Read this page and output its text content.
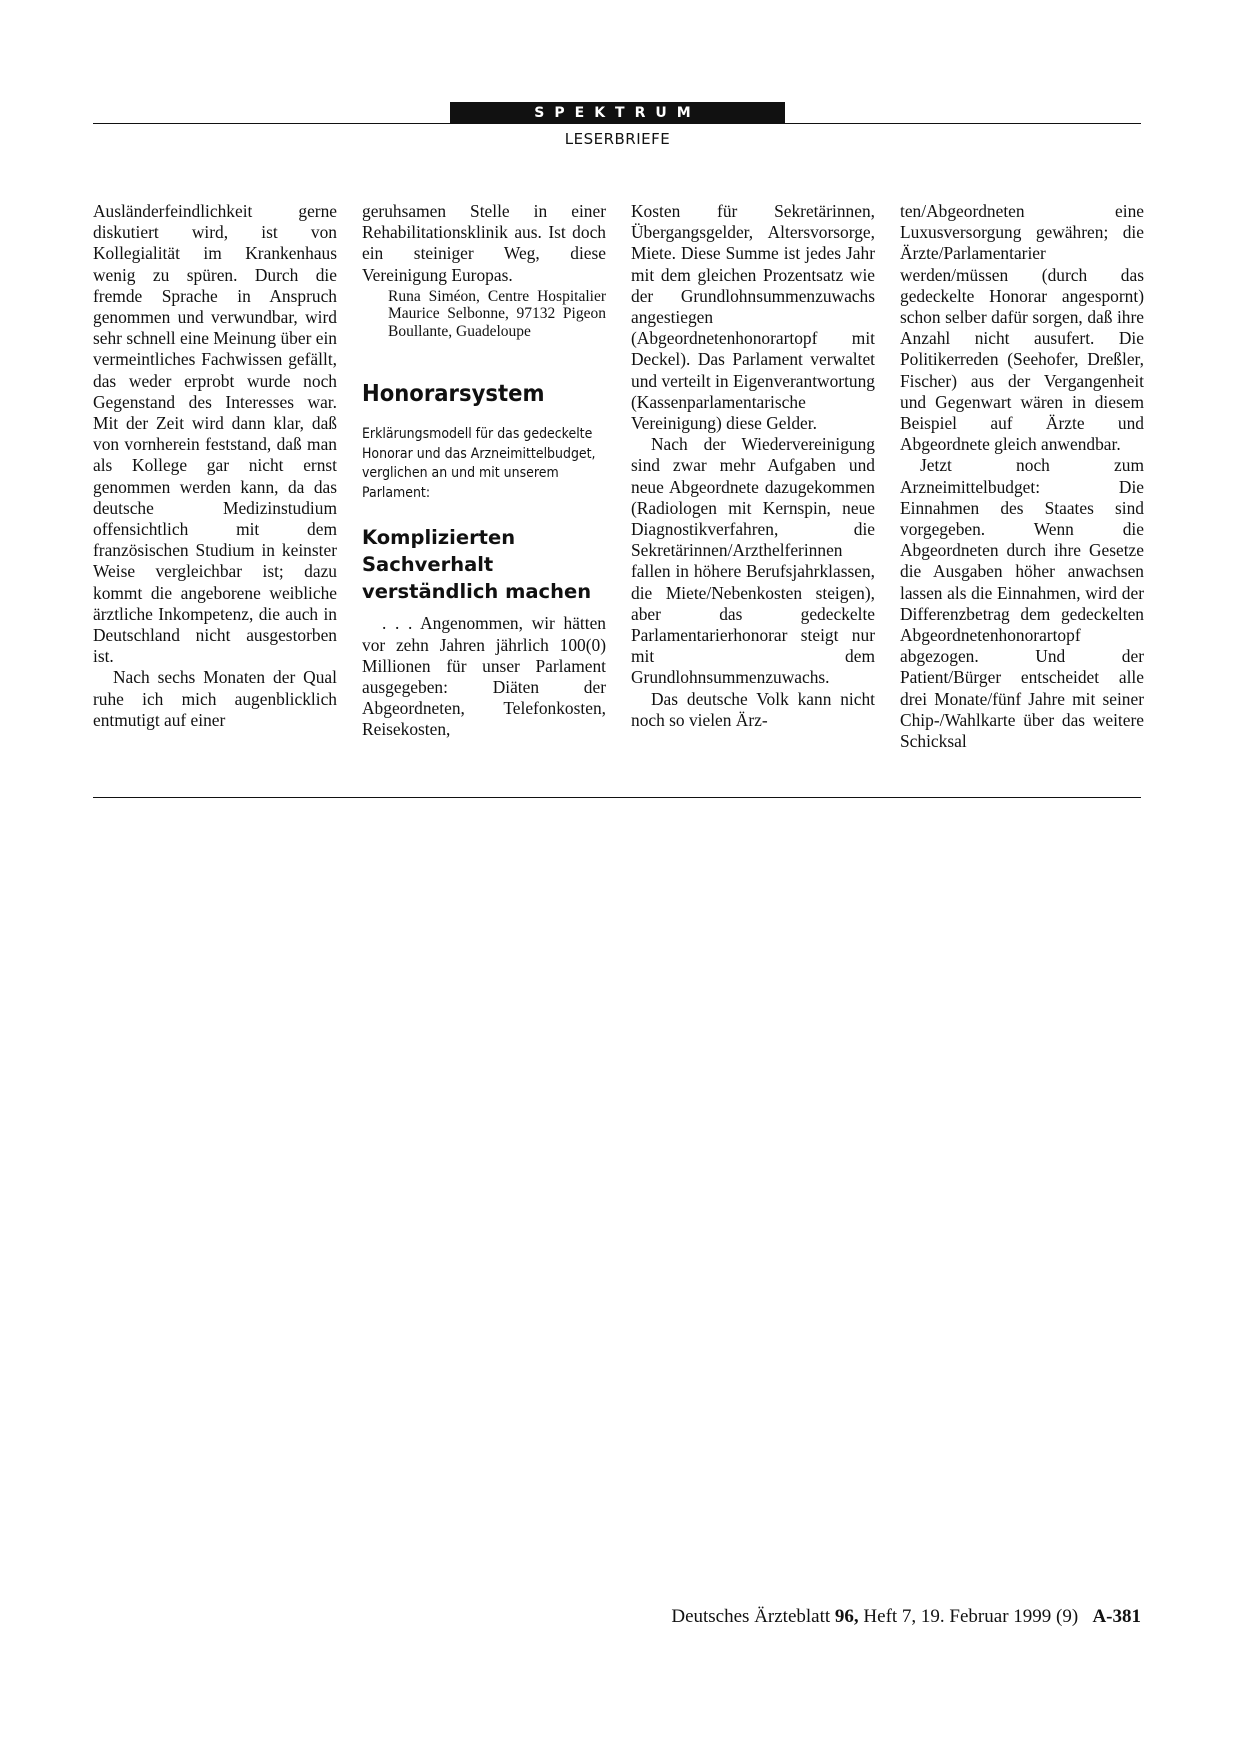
SPEKTRUM
LESERBRIEFE

Ausländerfeindlichkeit gerne diskutiert wird, ist von Kollegialität im Krankenhaus wenig zu spüren. Durch die fremde Sprache in Anspruch genommen und verwundbar, wird sehr schnell eine Meinung über ein vermeintliches Fachwissen gefällt, das weder erprobt wurde noch Gegenstand des Interesses war. Mit der Zeit wird dann klar, daß von vornherein feststand, daß man als Kollege gar nicht ernst genommen werden kann, da das deutsche Medizinstudium offensichtlich mit dem französischen Studium in keinster Weise vergleichbar ist; dazu kommt die angeborene weibliche ärztliche Inkompetenz, die auch in Deutschland nicht ausgestorben ist.

Nach sechs Monaten der Qual ruhe ich mich augenblicklich entmutigt auf einer

geruhsamen Stelle in einer Rehabilitationsklinik aus. Ist doch ein steiniger Weg, diese Vereinigung Europas.

Runa Siméon, Centre Hospitalier Maurice Selbonne, 97132 Pigeon Boullante, Guadeloupe

Honorarsystem

Erklärungsmodell für das gedeckelte Honorar und das Arzneimittelbudget, verglichen an und mit unserem Parlament:

Komplizierten Sachverhalt verständlich machen

. . . Angenommen, wir hätten vor zehn Jahren jährlich 100(0) Millionen für unser Parlament ausgegeben: Diäten der Abgeordneten, Telefonkosten, Reisekosten,

Kosten für Sekretärinnen, Übergangsgelder, Altersvorsorge, Miete. Diese Summe ist jedes Jahr mit dem gleichen Prozentsatz wie der Grundlohnsummenzuwachs angestiegen (Abgeordnetenhonorartopf mit Deckel). Das Parlament verwaltet und verteilt in Eigenverantwortung (Kassenparlamentarische Vereinigung) diese Gelder.

Nach der Wiedervereinigung sind zwar mehr Aufgaben und neue Abgeordnete dazugekommen (Radiologen mit Kernspin, neue Diagnostikverfahren, die Sekretärinnen/Arzthelferinnen fallen in höhere Berufsjahrklassen, die Miete/Nebenkosten steigen), aber das gedeckelte Parlamentarierhonorar steigt nur mit dem Grundlohnsummenzuwachs.

Das deutsche Volk kann nicht noch so vielen Ärz-

ten/Abgeordneten eine Luxusversorgung gewähren; die Ärzte/Parlamentarier werden/müssen (durch das gedeckelte Honorar angespornt) schon selber dafür sorgen, daß ihre Anzahl nicht ausufert. Die Politikerreden (Seehofer, Dreßler, Fischer) aus der Vergangenheit und Gegenwart wären in diesem Beispiel auf Ärzte und Abgeordnete gleich anwendbar.

Jetzt noch zum Arzneimittelbudget: Die Einnahmen des Staates sind vorgegeben. Wenn die Abgeordneten durch ihre Gesetze die Ausgaben höher anwachsen lassen als die Einnahmen, wird der Differenzbetrag dem gedeckelten Abgeordnetenhonorartopf abgezogen. Und der Patient/Bürger entscheidet alle drei Monate/fünf Jahre mit seiner Chip-/Wahlkarte über das weitere Schicksal

Deutsches Ärzteblatt 96, Heft 7, 19. Februar 1999 (9)   A-381
